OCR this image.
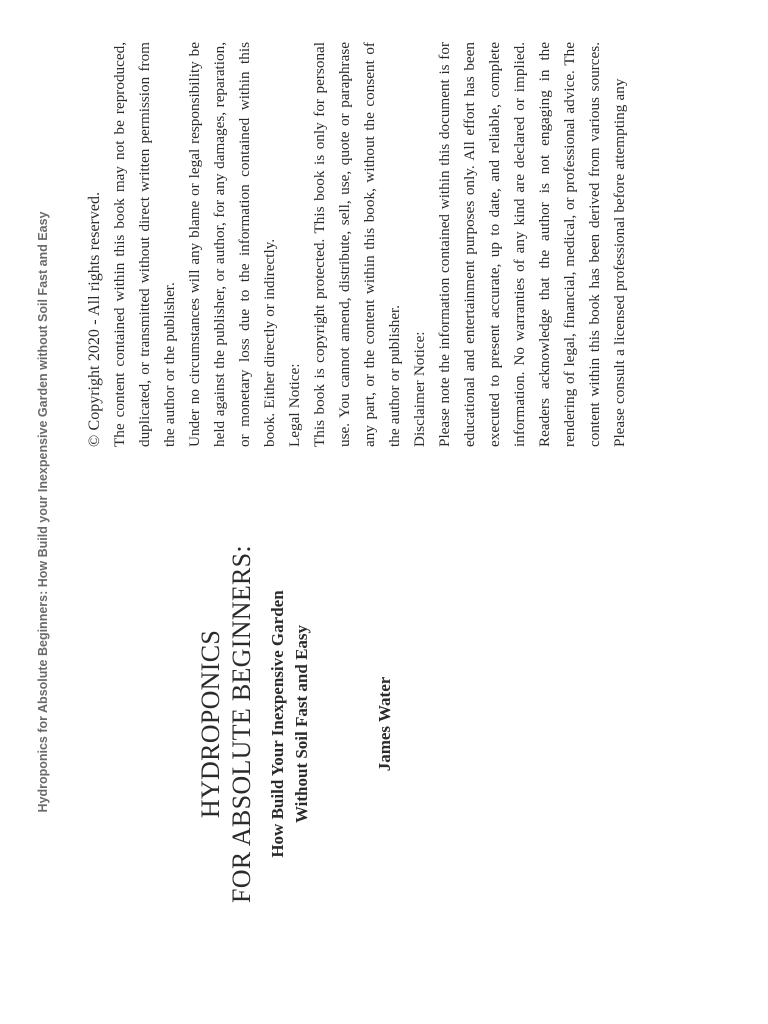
Hydroponics for Absolute Beginners: How Build your Inexpensive Garden without Soil Fast and Easy	HYDROPONICS FOR ABSOLUTE BEGINNERS: How Build Your Inexpensive Garden Without Soil Fast and Easy	James Water

© Copyright 2020 - All rights reserved. The content contained within this book may not be reproduced, duplicated, or transmitted without direct written permission from the author or the publisher. Under no circumstances will any blame or legal responsibility be held against the publisher, or author, for any damages, reparation, or monetary loss due to the information contained within this book. Either directly or indirectly. Legal Notice: This book is copyright protected. This book is only for personal use. You cannot amend, distribute, sell, use, quote or paraphrase any part, or the content within this book, without the consent of the author or publisher. Disclaimer Notice: Please note the information contained within this document is for educational and entertainment purposes only. All effort has been executed to present accurate, up to date, and reliable, complete information. No warranties of any kind are declared or implied. Readers acknowledge that the author is not engaging in the rendering of legal, financial, medical, or professional advice. The content within this book has been derived from various sources. Please consult a licensed professional before attempting any
